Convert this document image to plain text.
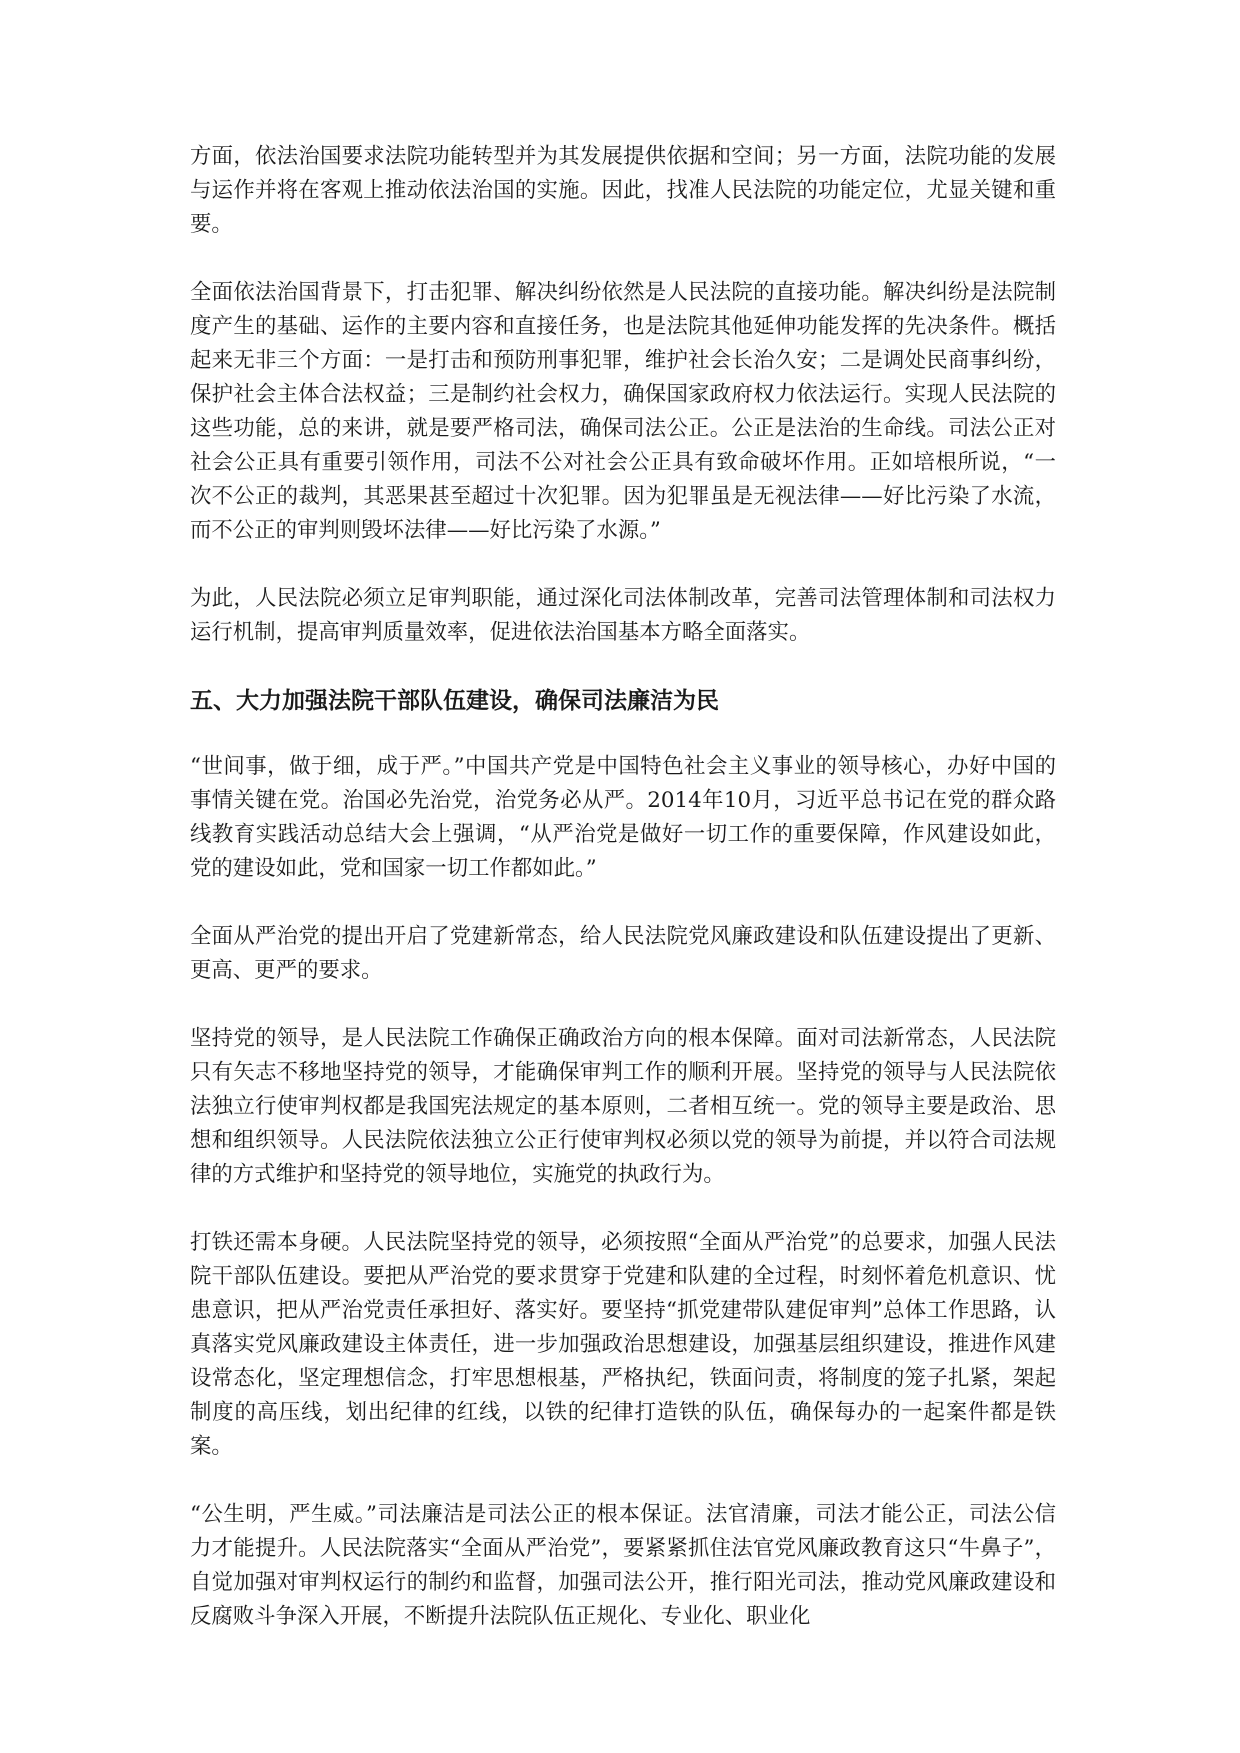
方面，依法治国要求法院功能转型并为其发展提供依据和空间；另一方面，法院功能的发展与运作并将在客观上推动依法治国的实施。因此，找准人民法院的功能定位，尤显关键和重要。

全面依法治国背景下，打击犯罪、解决纠纷依然是人民法院的直接功能。解决纠纷是法院制度产生的基础、运作的主要内容和直接任务，也是法院其他延伸功能发挥的先决条件。概括起来无非三个方面：一是打击和预防刑事犯罪，维护社会长治久安；二是调处民商事纠纷，保护社会主体合法权益；三是制约社会权力，确保国家政府权力依法运行。实现人民法院的这些功能，总的来讲，就是要严格司法，确保司法公正。公正是法治的生命线。司法公正对社会公正具有重要引领作用，司法不公对社会公正具有致命破坏作用。正如培根所说，“一次不公正的裁判，其恶果甚至超过十次犯罪。因为犯罪虽是无视法律——好比污染了水流，而不公正的审判则毁坏法律——好比污染了水源。”

为此，人民法院必须立足审判职能，通过深化司法体制改革，完善司法管理体制和司法权力运行机制，提高审判质量效率，促进依法治国基本方略全面落实。

五、大力加强法院干部队伍建设，确保司法廉洁为民

“世间事，做于细，成于严。”中国共产党是中国特色社会主义事业的领导核心，办好中国的事情关键在党。治国必先治党，治党务必从严。2014年10月，习近平总书记在党的群众路线教育实践活动总结大会上强调，“从严治党是做好一切工作的重要保障，作风建设如此，党的建设如此，党和国家一切工作都如此。”

全面从严治党的提出开启了党建新常态，给人民法院党风廉政建设和队伍建设提出了更新、更高、更严的要求。

坚持党的领导，是人民法院工作确保正确政治方向的根本保障。面对司法新常态，人民法院只有矢志不移地坚持党的领导，才能确保审判工作的顺利开展。坚持党的领导与人民法院依法独立行使审判权都是我国宪法规定的基本原则，二者相互统一。党的领导主要是政治、思想和组织领导。人民法院依法独立公正行使审判权必须以党的领导为前提，并以符合司法规律的方式维护和坚持党的领导地位，实施党的执政行为。

打铁还需本身硬。人民法院坚持党的领导，必须按照“全面从严治党”的总要求，加强人民法院干部队伍建设。要把从严治党的要求贯穿于党建和队建的全过程，时刻怀着危机意识、忧患意识，把从严治党责任承担好、落实好。要坚持“抓党建带队建促审判”总体工作思路，认真落实党风廉政建设主体责任，进一步加强政治思想建设，加强基层组织建设，推进作风建设常态化，坚定理想信念，打牢思想根基，严格执纪，铁面问责，将制度的笼子扎紧，架起制度的高压线，划出纪律的红线，以铁的纪律打造铁的队伍，确保每办的一起案件都是铁案。

“公生明，严生威。”司法廉洁是司法公正的根本保证。法官清廉，司法才能公正，司法公信力才能提升。人民法院落实“全面从严治党”，要紧紧抓住法官党风廉政教育这只“牛鼻子”，自觉加强对审判权运行的制约和监督，加强司法公开，推行阳光司法，推动党风廉政建设和反腐败斗争深入开展，不断提升法院队伍正规化、专业化、职业化
